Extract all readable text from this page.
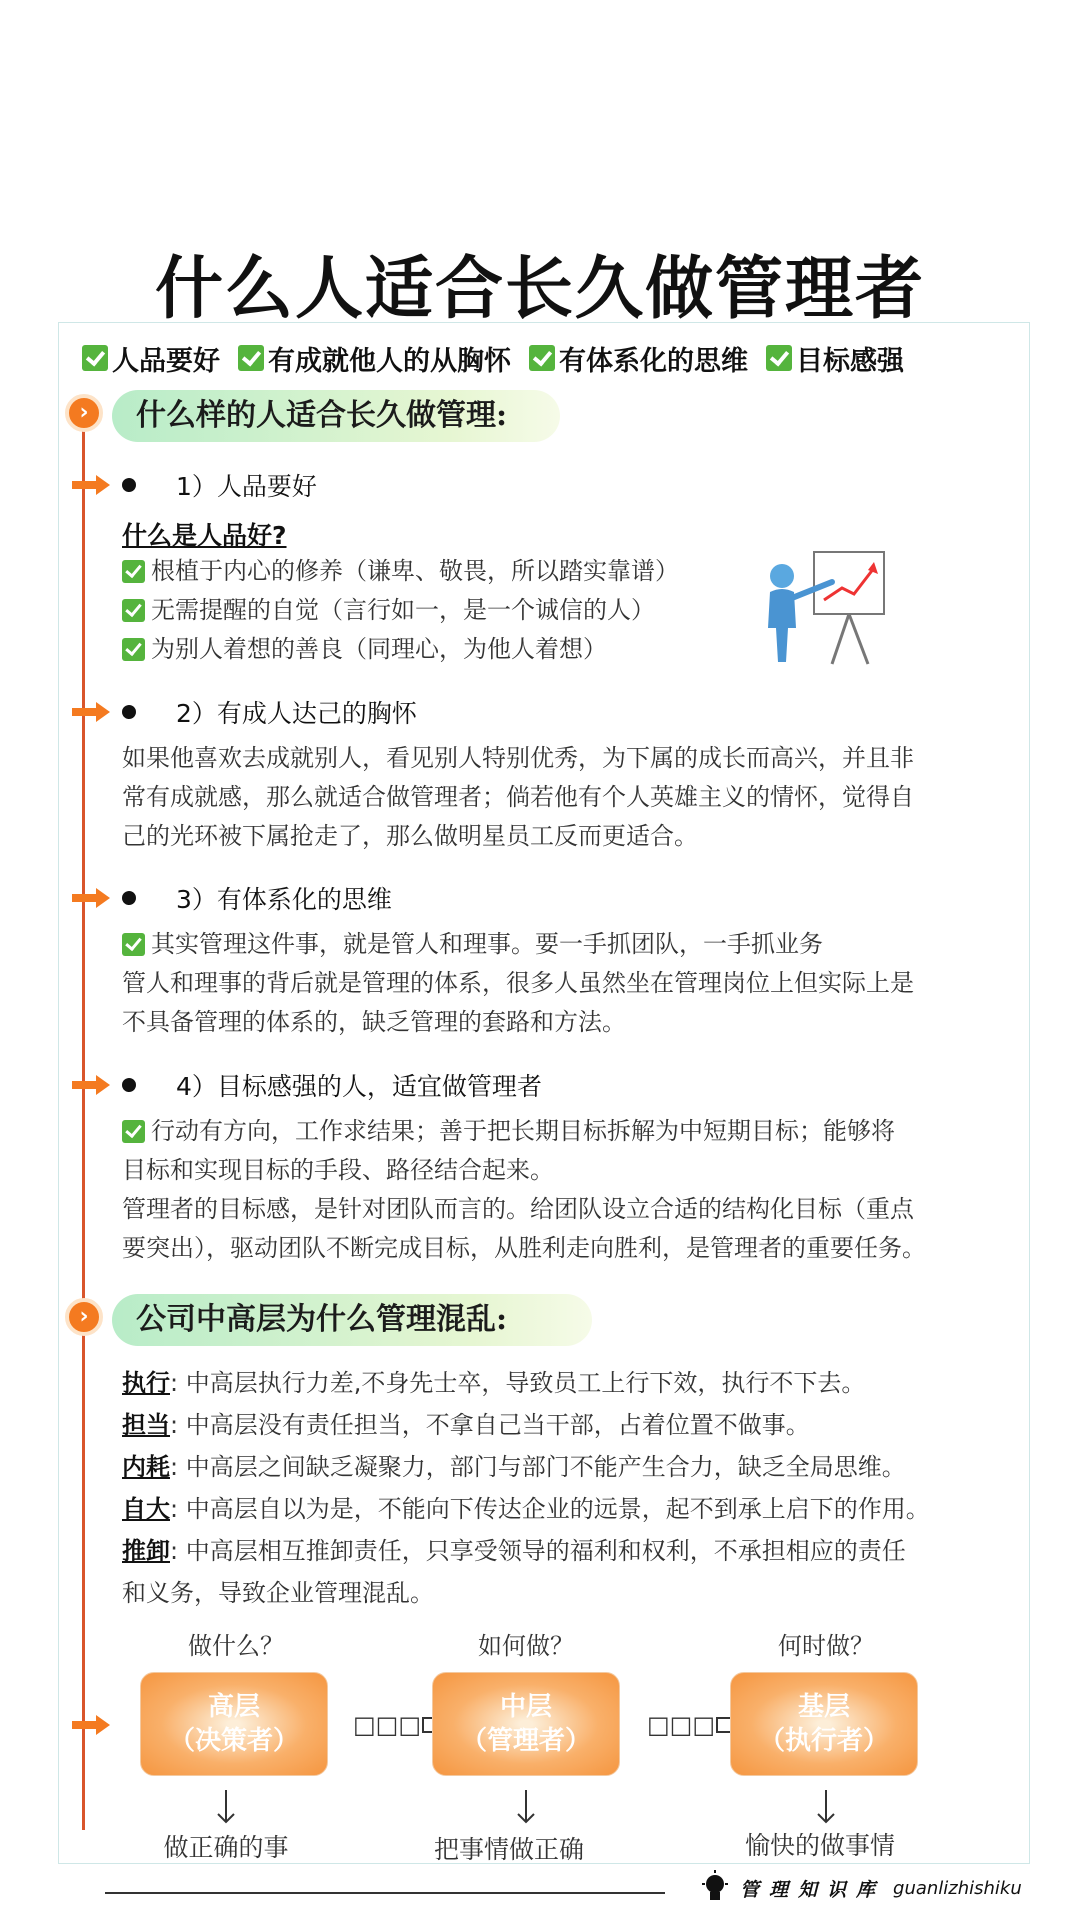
什么人适合长久做管理者
人品要好 有成就他人的从胸怀 有体系化的思维 目标感强
›	什么样的人适合长久做管理:
1）人品要好
什么是人品好?
根植于内心的修养（谦卑、敬畏，所以踏实靠谱）
无需提醒的自觉（言行如一，是一个诚信的人）
为别人着想的善良（同理心，为他人着想）
2）有成人达己的胸怀
如果他喜欢去成就别人，看见别人特别优秀，为下属的成长而高兴，并且非
常有成就感，那么就适合做管理者；倘若他有个人英雄主义的情怀，觉得自
己的光环被下属抢走了，那么做明星员工反而更适合。
3）有体系化的思维
其实管理这件事，就是管人和理事。要一手抓团队，一手抓业务
管人和理事的背后就是管理的体系，很多人虽然坐在管理岗位上但实际上是
不具备管理的体系的，缺乏管理的套路和方法。
4）目标感强的人，适宜做管理者
行动有方向，工作求结果；善于把长期目标拆解为中短期目标；能够将
目标和实现目标的手段、路径结合起来。
管理者的目标感，是针对团队而言的。给团队设立合适的结构化目标（重点
要突出），驱动团队不断完成目标，从胜利走向胜利，是管理者的重要任务。
›	公司中高层为什么管理混乱:
执行: 中高层执行力差,不身先士卒，导致员工上行下效，执行不下去。
担当: 中高层没有责任担当，不拿自己当干部，占着位置不做事。
内耗: 中高层之间缺乏凝聚力，部门与部门不能产生合力，缺乏全局思维。
自大: 中高层自以为是，不能向下传达企业的远景，起不到承上启下的作用。
推卸: 中高层相互推卸责任，只享受领导的福利和权利，不承担相应的责任
和义务，导致企业管理混乱。
做什么？	如何做？	何时做？
高层
（决策者）
□□□
中层
（管理者）
□□□
基层
（执行者）
做正确的事	把事情做正确	愉快的做事情
管理知识库 guanlizhishiku
